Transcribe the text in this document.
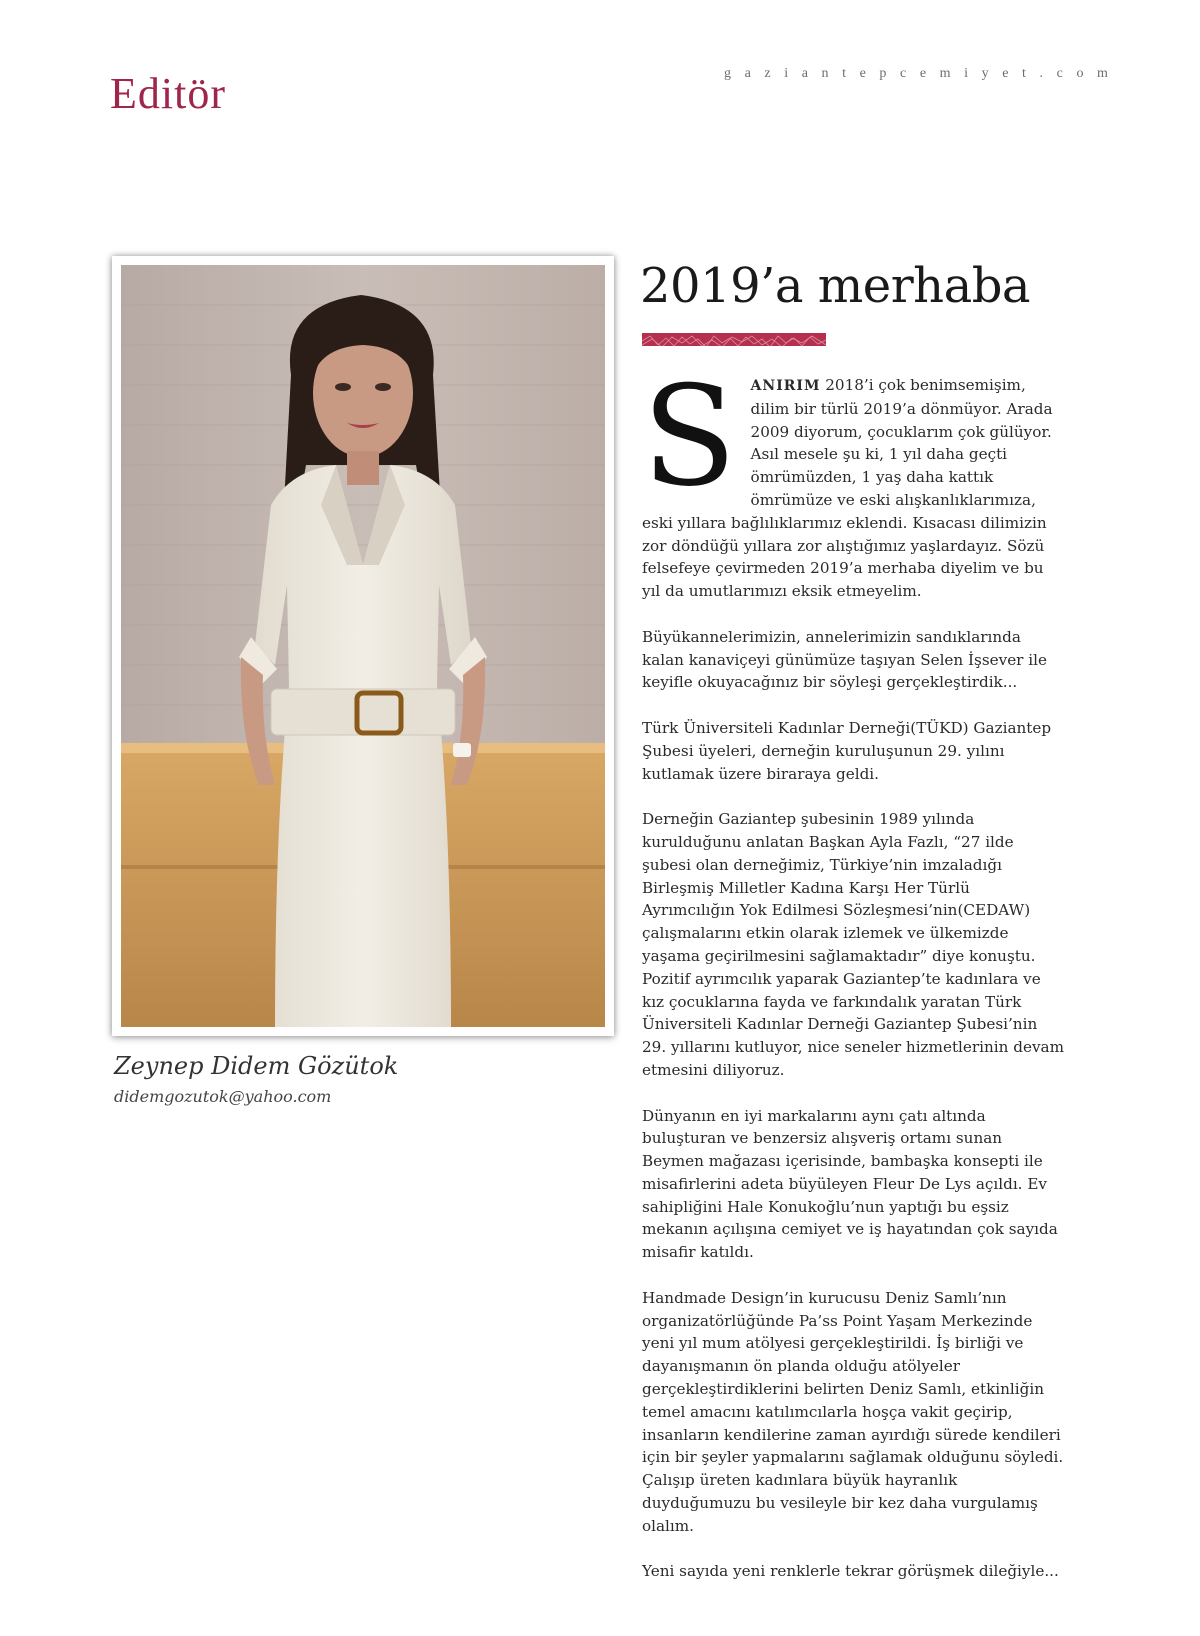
Editör	gaziantepcemiyet.com
Zeynep Didem Gözütok
didemgozutok@yahoo.com
2019’a merhaba

S ANIRIM 2018’i çok benimsemişim, dilim bir türlü 2019’a dönmüyor. Arada 2009 diyorum, çocuklarım çok gülüyor. Asıl mesele şu ki, 1 yıl daha geçti ömrümüzden, 1 yaş daha kattık ömrümüze ve eski alışkanlıklarımıza, eski yıllara bağlılıklarımız eklendi. Kısacası dilimizin zor döndüğü yıllara zor alıştığımız yaşlardayız. Sözü felsefeye çevirmeden 2019’a merhaba diyelim ve bu yıl da umutlarımızı eksik etmeyelim.

Büyükannelerimizin, annelerimizin sandıklarında kalan kanaviçeyi günümüze taşıyan Selen İşsever ile keyifle okuyacağınız bir söyleşi gerçekleştirdik...

Türk Üniversiteli Kadınlar Derneği(TÜKD) Gaziantep Şubesi üyeleri, derneğin kuruluşunun 29. yılını kutlamak üzere biraraya geldi.

Derneğin Gaziantep şubesinin 1989 yılında kurulduğunu anlatan Başkan Ayla Fazlı, “27 ilde şubesi olan derneğimiz, Türkiye’nin imzaladığı Birleşmiş Milletler Kadına Karşı Her Türlü Ayrımcılığın Yok Edilmesi Sözleşmesi’nin(CEDAW) çalışmalarını etkin olarak izlemek ve ülkemizde yaşama geçirilmesini sağlamaktadır” diye konuştu. Pozitif ayrımcılık yaparak Gaziantep’te kadınlara ve kız çocuklarına fayda ve farkındalık yaratan Türk Üniversiteli Kadınlar Derneği Gaziantep Şubesi’nin 29. yıllarını kutluyor, nice seneler hizmetlerinin devam etmesini diliyoruz.

Dünyanın en iyi markalarını aynı çatı altında buluşturan ve benzersiz alışveriş ortamı sunan Beymen mağazası içerisinde, bambaşka konsepti ile misafirlerini adeta büyüleyen Fleur De Lys açıldı. Ev sahipliğini Hale Konukoğlu’nun yaptığı bu eşsiz mekanın açılışına cemiyet ve iş hayatından çok sayıda misafir katıldı.

Handmade Design’in kurucusu Deniz Samlı’nın organizatörlüğünde Pa’ss Point Yaşam Merkezinde yeni yıl mum atölyesi gerçekleştirildi. İş birliği ve dayanışmanın ön planda olduğu atölyeler gerçekleştirdiklerini belirten Deniz Samlı, etkinliğin temel amacını katılımcılarla hoşça vakit geçirip, insanların kendilerine zaman ayırdığı sürede kendileri için bir şeyler yapmalarını sağlamak olduğunu söyledi. Çalışıp üreten kadınlara büyük hayranlık duyduğumuzu bu vesileyle bir kez daha vurgulamış olalım.

Yeni sayıda yeni renklerle tekrar görüşmek dileğiyle...
